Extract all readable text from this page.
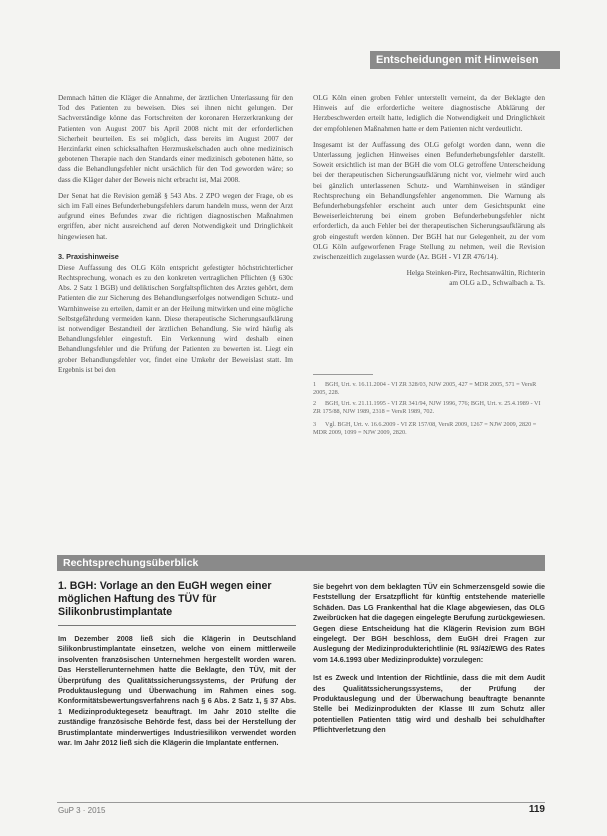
Entscheidungen mit Hinweisen

Demnach hätten die Kläger die Annahme, der ärztlichen Unterlassung für den Tod des Patienten zu beweisen. Dies sei ihnen nicht gelungen. Der Sachverständige könne das Fortschreiten der koronaren Herzerkrankung der Patienten von August 2007 bis April 2008 nicht mit der erforderlichen Sicherheit beurteilen. Es sei möglich, dass bereits im August 2007 der Herzinfarkt einen schicksalhaften Herzmuskelschaden auch ohne medizinisch gebotenen Therapie nach den Standards einer medizinisch gebotenen hätte, so dass die Behandlungsfehler nicht ursächlich für den Tod geworden wäre; so dass die Kläger daher der Beweis nicht erbracht ist, Mai 2008.

Der Senat hat die Revision gemäß § 543 Abs. 2 ZPO wegen der Frage, ob es sich im Fall eines Befunderhebungsfehlers darum handeln muss, wenn der Arzt aufgrund eines Befundes zwar die richtigen diagnostischen Maßnahmen ergriffen, aber nicht ausreichend auf deren Notwendigkeit und Dringlichkeit hingewiesen hat.

3. Praxishinweise

Diese Auffassung des OLG Köln entspricht gefestigter höchstrichterlicher Rechtsprechung, wonach es zu den konkreten vertraglichen Pflichten (§ 630c Abs. 2 Satz 1 BGB) und deliktischen Sorgfaltspflichten des Arztes gehört, dem Patienten die zur Sicherung des Behandlungserfolges notwendigen Schutz- und Warnhinweise zu erteilen, damit er an der Heilung mitwirken und eine mögliche Selbstgefährdung vermeiden kann. Diese therapeutische Sicherungsaufklärung ist notwendiger Bestandteil der ärztlichen Behandlung. Sie wird häufig als Behandlungsfehler eingestuft. Ein Verkennung wird deshalb einen Behandlungsfehler und die Prüfung der Patienten zu bewerten ist. Liegt ein grober Behandlungsfehler vor, findet eine Umkehr der Beweislast statt. Im Ergebnis ist bei den

OLG Köln einen groben Fehler unterstellt verneint, da der Beklagte den Hinweis auf die erforderliche weitere diagnostische Abklärung der Herzbeschwerden erteilt hatte, lediglich die Notwendigkeit und Dringlichkeit der empfohlenen Maßnahmen hatte er dem Patienten nicht verdeutlicht.

Insgesamt ist der Auffassung des OLG gefolgt worden dann, wenn die Unterlassung jeglichen Hinweises einen Befunderhebungsfehler darstellt. Soweit ersichtlich ist man der BGH die vom OLG getroffene Unterscheidung bei der therapeutischen Sicherungsaufklärung nicht vor, vielmehr wird auch bei gänzlich unterlassenen Schutz- und Warnhinweisen in ständiger Rechtsprechung ein Behandlungsfehler angenommen. Die Warnung als Befunderhebungsfehler erscheint auch unter dem Gesichtspunkt eine Beweiserleichterung bei einem groben Befunderhebungsfehler nicht erforderlich, da auch Fehler bei der therapeutischen Sicherungsaufklärung als grob eingestuft werden können. Der BGH hat nur Gelegenheit, zu der vom OLG Köln aufgeworfenen Frage Stellung zu nehmen, weil die Revision zwischenzeitlich zugelassen wurde (Az. BGH - VI ZR 476/14).

Helga Steinken-Pirz, Rechtsanwältin, Richterin
am OLG a.D., Schwalbach a. Ts.
1 BGH, Urt. v. 16.11.2004 - VI ZR 328/03, NJW 2005, 427 = MDR 2005, 571 = VersR 2005, 228.
2 BGH, Urt. v. 21.11.1995 - VI ZR 341/94, NJW 1996, 776; BGH, Urt. v. 25.4.1989 - VI ZR 175/88, NJW 1989, 2318 = VersR 1989, 702.
3 Vgl. BGH, Urt. v. 16.6.2009 - VI ZR 157/08, VersR 2009, 1267 = NJW 2009, 2820 = MDR 2009, 1099 = NJW 2009, 2820.
Rechtsprechungsüberblick
1. BGH: Vorlage an den EuGH wegen einer möglichen Haftung des TÜV für Silikonbrustimplantate

Im Dezember 2008 ließ sich die Klägerin in Deutschland Silikonbrustimplantate einsetzen, welche von einem mittlerweile insolventen französischen Unternehmen hergestellt worden waren. Das Herstellerunternehmen hatte die Beklagte, den TÜV, mit der Überprüfung des Qualitätssicherungssystems, der Prüfung der Produktauslegung und Überwachung im Rahmen eines sog. Konformitätsbewertungsverfahrens nach § 6 Abs. 2 Satz 1, § 37 Abs. 1 Medizinproduktegesetz beauftragt. Im Jahr 2010 stellte die zuständige französische Behörde fest, dass bei der Herstellung der Brustimplantate minderwertiges Industriesilikon verwendet worden war. Im Jahr 2012 ließ sich die Klägerin die Implantate entfernen.

Sie begehrt von dem beklagten TÜV ein Schmerzensgeld sowie die Feststellung der Ersatzpflicht für künftig entstehende materielle Schäden. Das LG Frankenthal hat die Klage abgewiesen, das OLG Zweibrücken hat die dagegen eingelegte Berufung zurückgewiesen. Gegen diese Entscheidung hat die Klägerin Revision zum BGH eingelegt. Der BGH beschloss, dem EuGH drei Fragen zur Auslegung der Medizinprodukterichtlinie (RL 93/42/EWG des Rates vom 14.6.1993 über Medizinprodukte) vorzulegen:

Ist es Zweck und Intention der Richtlinie, dass die mit dem Audit des Qualitätssicherungssystems, der Prüfung der Produktauslegung und der Überwachung beauftragte benannte Stelle bei Medizinprodukten der Klasse III zum Schutz aller potentiellen Patienten tätig wird und deshalb bei schuldhafter Pflichtverletzung den

GuP 3 · 2015	119
